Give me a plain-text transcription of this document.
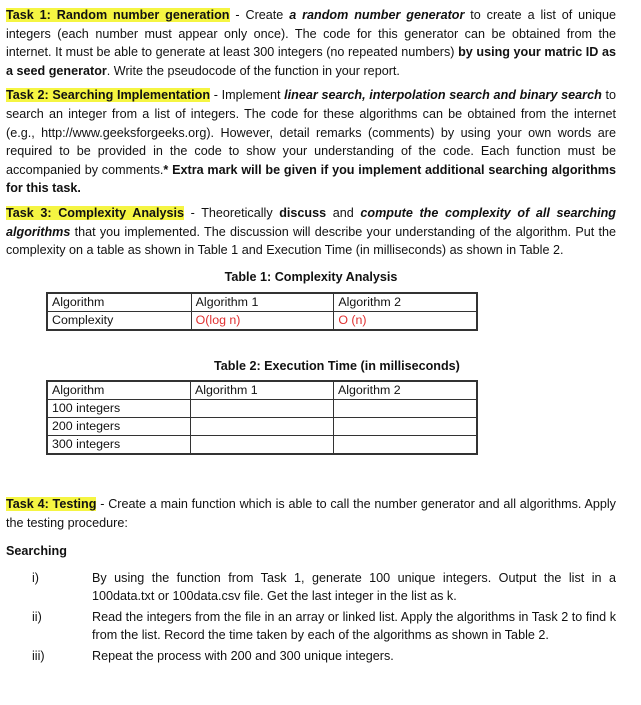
Task 1: Random number generation - Create a random number generator to create a list of unique integers (each number must appear only once). The code for this generator can be obtained from the internet. It must be able to generate at least 300 integers (no repeated numbers) by using your matric ID as a seed generator. Write the pseudocode of the function in your report.

Task 2: Searching Implementation - Implement linear search, interpolation search and binary search to search an integer from a list of integers. The code for these algorithms can be obtained from the internet (e.g., http://www.geeksforgeeks.org). However, detail remarks (comments) by using your own words are required to be provided in the code to show your understanding of the code. Each function must be accompanied by comments.* Extra mark will be given if you implement additional searching algorithms for this task.

Task 3: Complexity Analysis - Theoretically discuss and compute the complexity of all searching algorithms that you implemented. The discussion will describe your understanding of the algorithm. Put the complexity on a table as shown in Table 1 and Execution Time (in milliseconds) as shown in Table 2.

Table 1: Complexity Analysis
Algorithm	Algorithm 1	Algorithm 2
Complexity	O(log n)	O (n)
Table 2: Execution Time (in milliseconds)
Algorithm	Algorithm 1	Algorithm 2
100 integers		
200 integers		
300 integers		

Task 4: Testing - Create a main function which is able to call the number generator and all algorithms. Apply the testing procedure:

Searching

i)	By using the function from Task 1, generate 100 unique integers. Output the list in a 100data.txt or 100data.csv file. Get the last integer in the list as k.
ii)	Read the integers from the file in an array or linked list. Apply the algorithms in Task 2 to find k from the list. Record the time taken by each of the algorithms as shown in Table 2.
iii)	Repeat the process with 200 and 300 unique integers.
